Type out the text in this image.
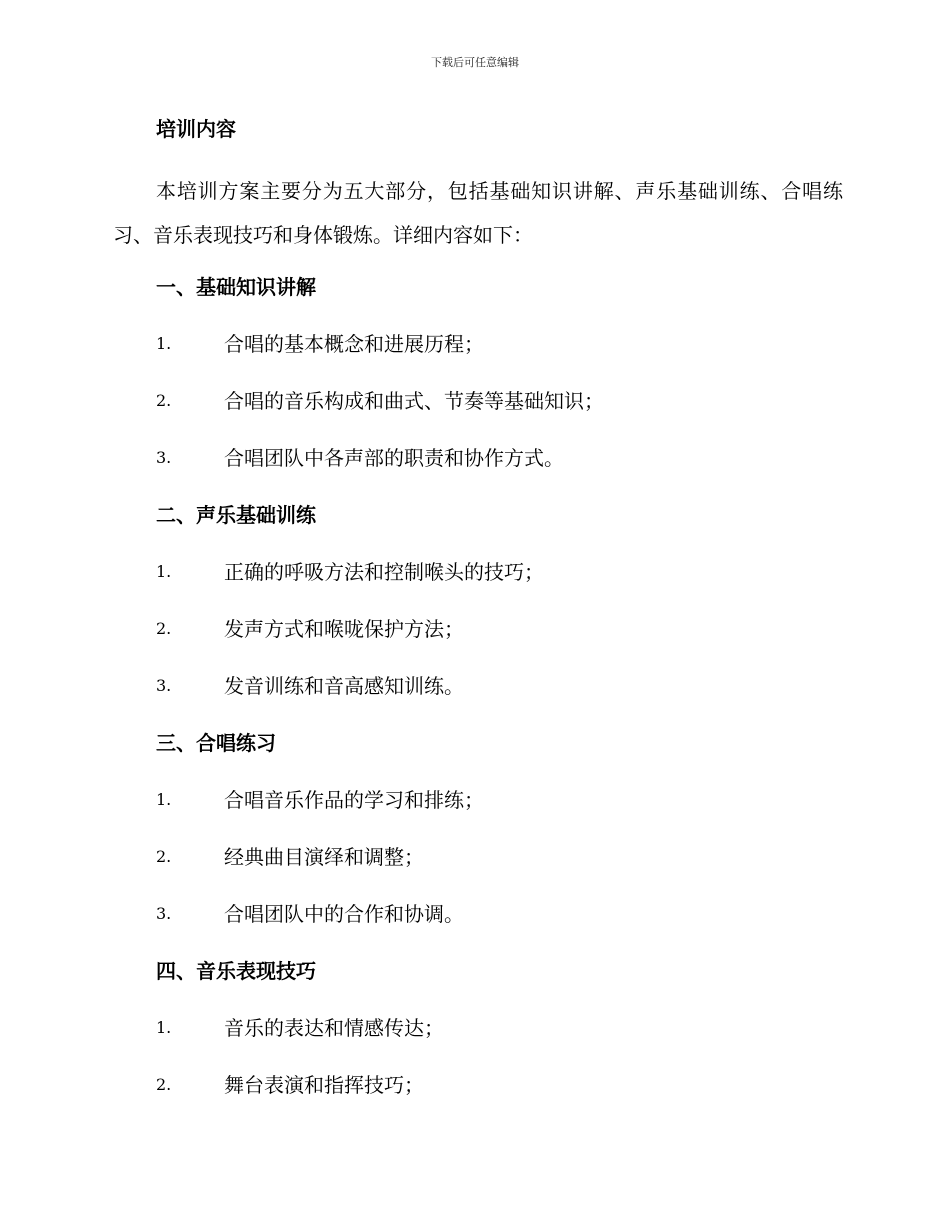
下载后可任意编辑
培训内容
本培训方案主要分为五大部分，包括基础知识讲解、声乐基础训练、合唱练习、音乐表现技巧和身体锻炼。详细内容如下：
一、基础知识讲解
1.	合唱的基本概念和进展历程；
2.	合唱的音乐构成和曲式、节奏等基础知识；
3.	合唱团队中各声部的职责和协作方式。
二、声乐基础训练
1.	正确的呼吸方法和控制喉头的技巧；
2.	发声方式和喉咙保护方法；
3.	发音训练和音高感知训练。
三、合唱练习
1.	合唱音乐作品的学习和排练；
2.	经典曲目演绎和调整；
3.	合唱团队中的合作和协调。
四、音乐表现技巧
1.	音乐的表达和情感传达；
2.	舞台表演和指挥技巧；
